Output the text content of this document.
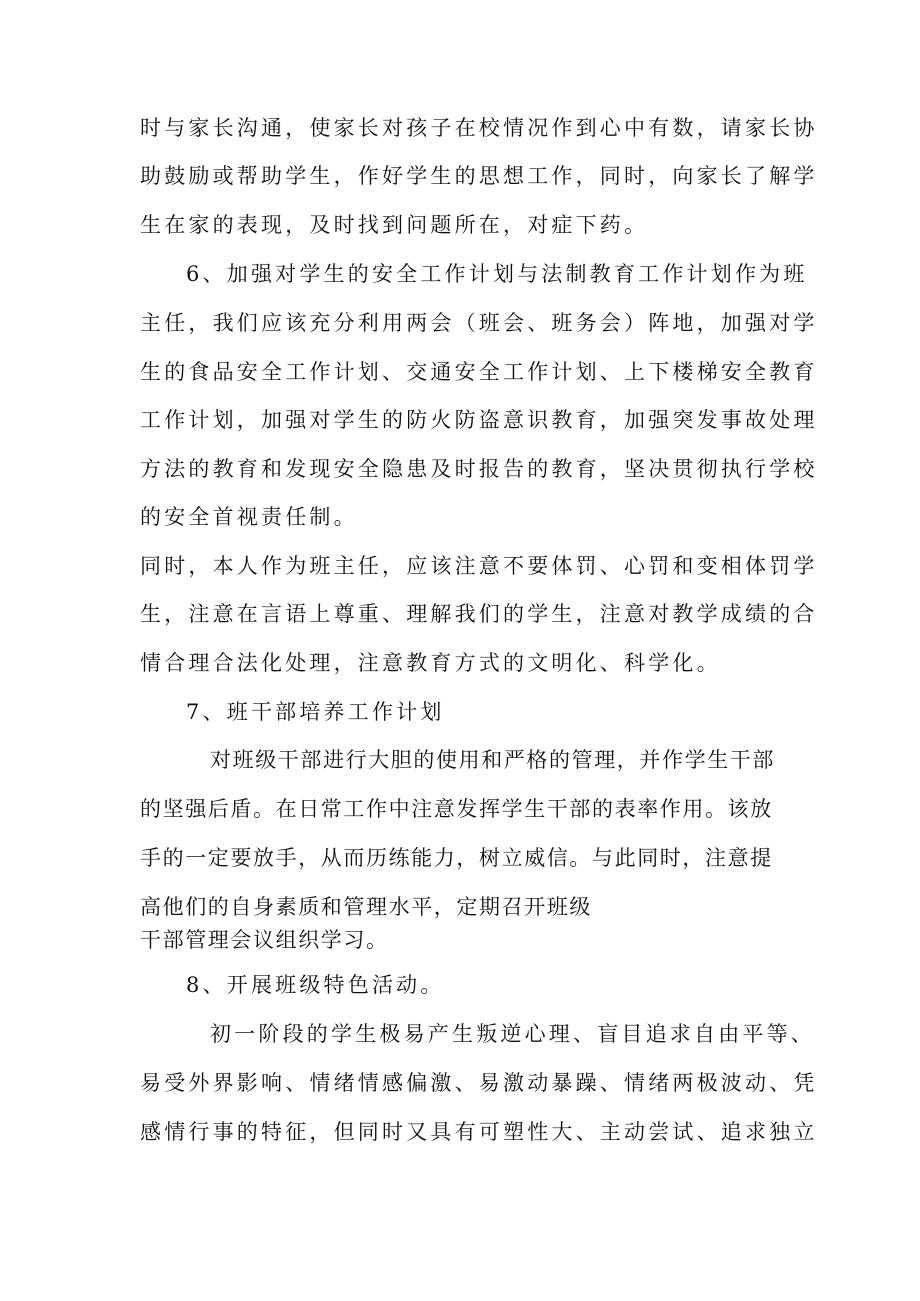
时与家长沟通，使家长对孩子在校情况作到心中有数，请家长协
助鼓励或帮助学生，作好学生的思想工作，同时，向家长了解学
生在家的表现，及时找到问题所在，对症下药。
6、加强对学生的安全工作计划与法制教育工作计划作为班
主任，我们应该充分利用两会（班会、班务会）阵地，加强对学
生的食品安全工作计划、交通安全工作计划、上下楼梯安全教育
工作计划，加强对学生的防火防盗意识教育，加强突发事故处理
方法的教育和发现安全隐患及时报告的教育，坚决贯彻执行学校
的安全首视责任制。
同时，本人作为班主任，应该注意不要体罚、心罚和变相体罚学
生，注意在言语上尊重、理解我们的学生，注意对教学成绩的合
情合理合法化处理，注意教育方式的文明化、科学化。
7、班干部培养工作计划
对班级干部进行大胆的使用和严格的管理，并作学生干部
的坚强后盾。在日常工作中注意发挥学生干部的表率作用。该放
手的一定要放手，从而历练能力，树立威信。与此同时，注意提
高他们的自身素质和管理水平，定期召开班级
干部管理会议组织学习。
8、开展班级特色活动。
初一阶段的学生极易产生叛逆心理、盲目追求自由平等、
易受外界影响、情绪情感偏激、易激动暴躁、情绪两极波动、凭
感情行事的特征，但同时又具有可塑性大、主动尝试、追求独立
